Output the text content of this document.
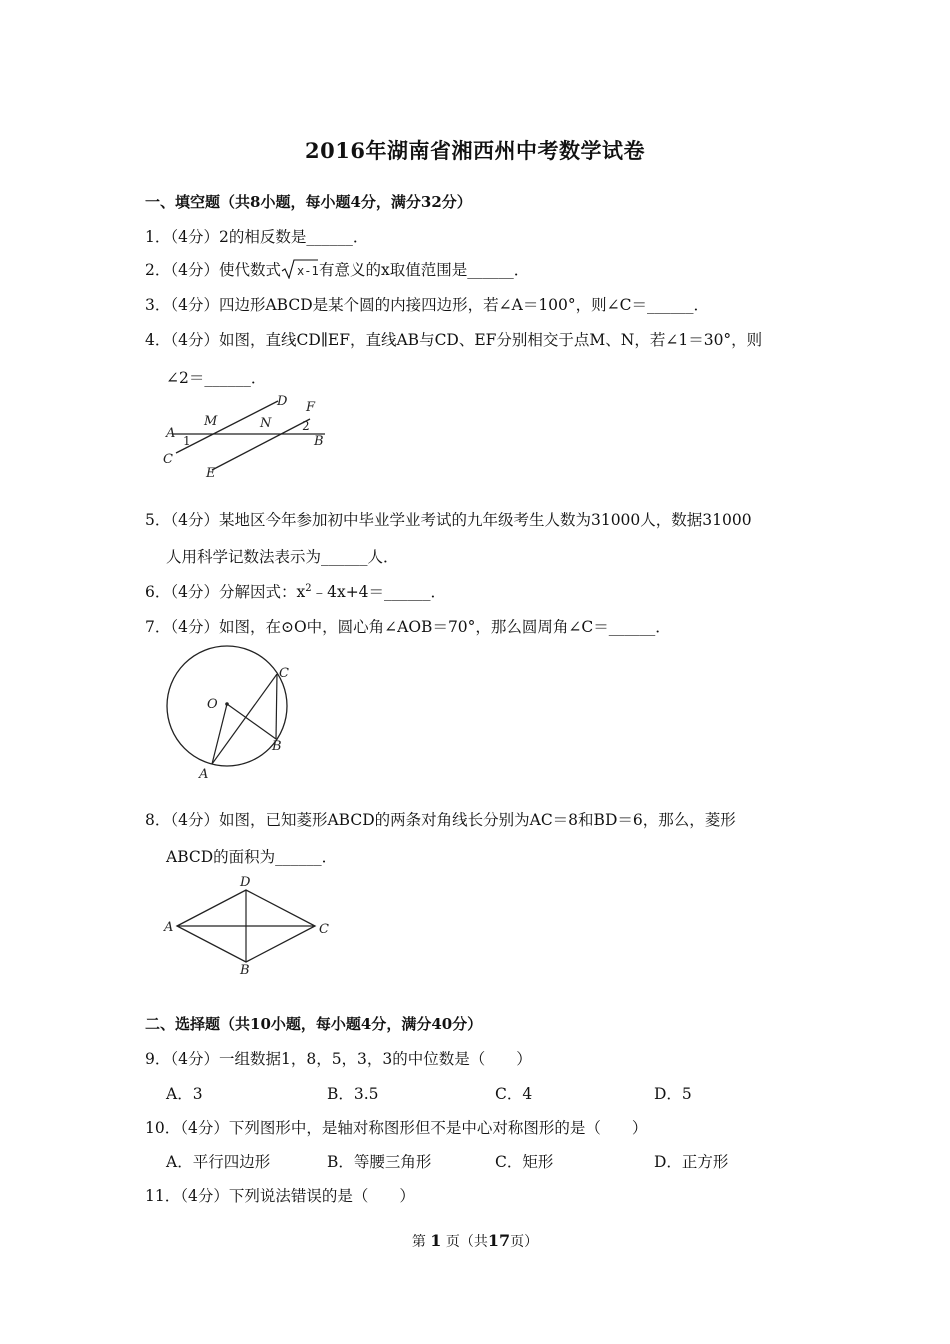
2016年湖南省湘西州中考数学试卷
一、填空题（共8小题，每小题4分，满分32分）
1．（4分）2的相反数是______．
2．（4分）使代数式 x-1 有意义的x取值范围是______．
3．（4分）四边形ABCD是某个圆的内接四边形，若∠A＝100°，则∠C＝______．
4．（4分）如图，直线CD∥EF，直线AB与CD、EF分别相交于点M、N，若∠1＝30°，则
∠2＝______．
A
B
C
D
E
F
M	N
1
2
5．（4分）某地区今年参加初中毕业学业考试的九年级考生人数为31000人，数据31000
人用科学记数法表示为______人．
6．（4分）分解因式：$x^2﹣4x+4=\_\_\_\_\_\_$．
7．（4分）如图，在⊙O中，圆心角∠AOB＝70°，那么圆周角∠C＝______．
O
A
B
C
8．（4分）如图，已知菱形ABCD的两条对角线长分别为AC＝8和BD＝6，那么，菱形
ABCD的面积为______．
A
B
C
D
二、选择题（共10小题，每小题4分，满分40分）
9．（4分）一组数据1，8，5，3，3的中位数是（　　）
A．3	B．3.5	C．4	D．5
10．（4分）下列图形中，是轴对称图形但不是中心对称图形的是（　　）
A．平行四边形	B．等腰三角形	C．矩形	D．正方形
11．（4分）下列说法错误的是（　　）
第 1 页（共17页）
